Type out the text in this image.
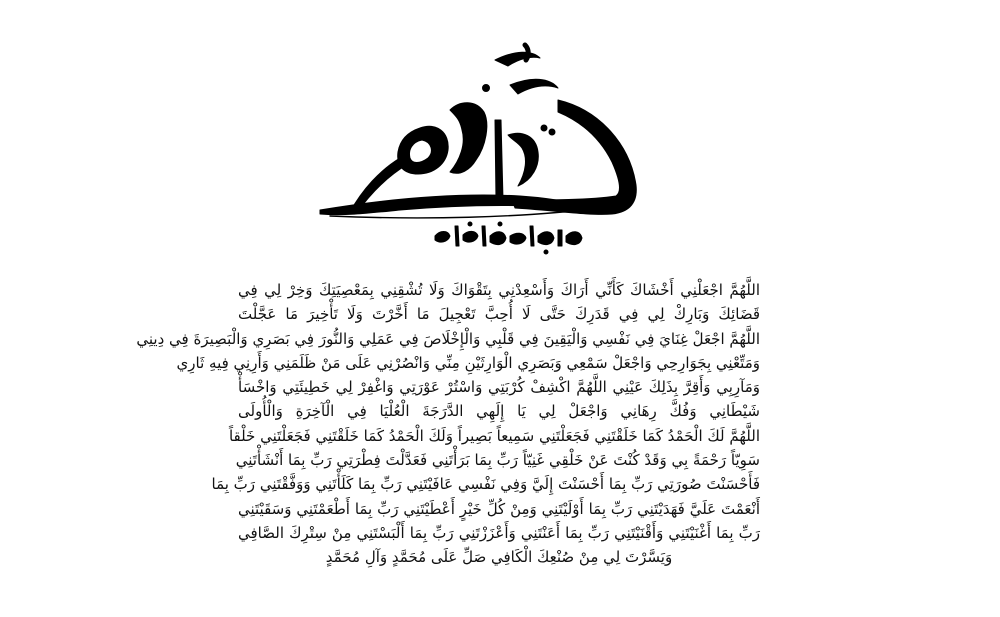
اللَّهُمَّ اجْعَلْنِي أَخْشَاكَ كَأَنِّي أَرَاكَ وَأَسْعِدْنِي بِتَقْوَاكَ وَلَا تُشْقِنِي بِمَعْصِيَتِكَ وَخِرْ لِي فِي
قَضَائِكَ وَبَارِكْ لِي فِي قَدَرِكَ حَتَّى لَا أُحِبَّ تَعْجِيلَ مَا أَخَّرْتَ وَلَا تَأْخِيرَ مَا عَجَّلْتَ
اللَّهُمَّ اجْعَلْ غِنَايَ فِي نَفْسِي وَالْيَقِينَ فِي قَلْبِي وَالْإِخْلَاصَ فِي عَمَلِي وَالنُّورَ فِي بَصَرِي وَالْبَصِيرَةَ فِي دِينِي
وَمَتِّعْنِي بِجَوَارِحِي وَاجْعَلْ سَمْعِي وَبَصَرِي الْوَارِثَيْنِ مِنِّي وَانْصُرْنِي عَلَى مَنْ ظَلَمَنِي وَأَرِنِي فِيهِ ثَارِي
وَمَآرِبِي وَأَقِرَّ بِذَلِكَ عَيْنِي اللَّهُمَّ اكْشِفْ كُرْبَتِي وَاسْتُرْ عَوْرَتِي وَاغْفِرْ لِي خَطِيئَتِي وَاخْسَأْ
شَيْطَانِي وَفُكَّ رِهَانِي وَاجْعَلْ لِي يَا إِلَهِي الدَّرَجَةَ الْعُلْيَا فِي الْآخِرَةِ وَالْأُولَى
اللَّهُمَّ لَكَ الْحَمْدُ كَمَا خَلَقْتَنِي فَجَعَلْتَنِي سَمِيعاً بَصِيراً وَلَكَ الْحَمْدُ كَمَا خَلَقْتَنِي فَجَعَلْتَنِي خَلْقاً
سَوِيّاً رَحْمَةً بِي وَقَدْ كُنْتَ عَنْ خَلْقِي غَنِيّاً رَبِّ بِمَا بَرَأْتَنِي فَعَدَّلْتَ فِطْرَتِي رَبِّ بِمَا أَنْشَأْتَنِي
فَأَحْسَنْتَ صُورَتِي رَبِّ بِمَا أَحْسَنْتَ إِلَيَّ وَفِي نَفْسِي عَافَيْتَنِي رَبِّ بِمَا كَلَأْتَنِي وَوَفَّقْتَنِي رَبِّ بِمَا
أَنْعَمْتَ عَلَيَّ فَهَدَيْتَنِي رَبِّ بِمَا أَوْلَيْتَنِي وَمِنْ كُلِّ خَيْرٍ أَعْطَيْتَنِي رَبِّ بِمَا أَطْعَمْتَنِي وَسَقَيْتَنِي
رَبِّ بِمَا أَغْنَيْتَنِي وَأَقْنَيْتَنِي رَبِّ بِمَا أَعَنْتَنِي وَأَعْزَزْتَنِي رَبِّ بِمَا أَلْبَسْتَنِي مِنْ سِتْرِكَ الصَّافِي
وَيَسَّرْتَ لِي مِنْ صُنْعِكَ الْكَافِي صَلِّ عَلَى مُحَمَّدٍ وَآلِ مُحَمَّدٍ
